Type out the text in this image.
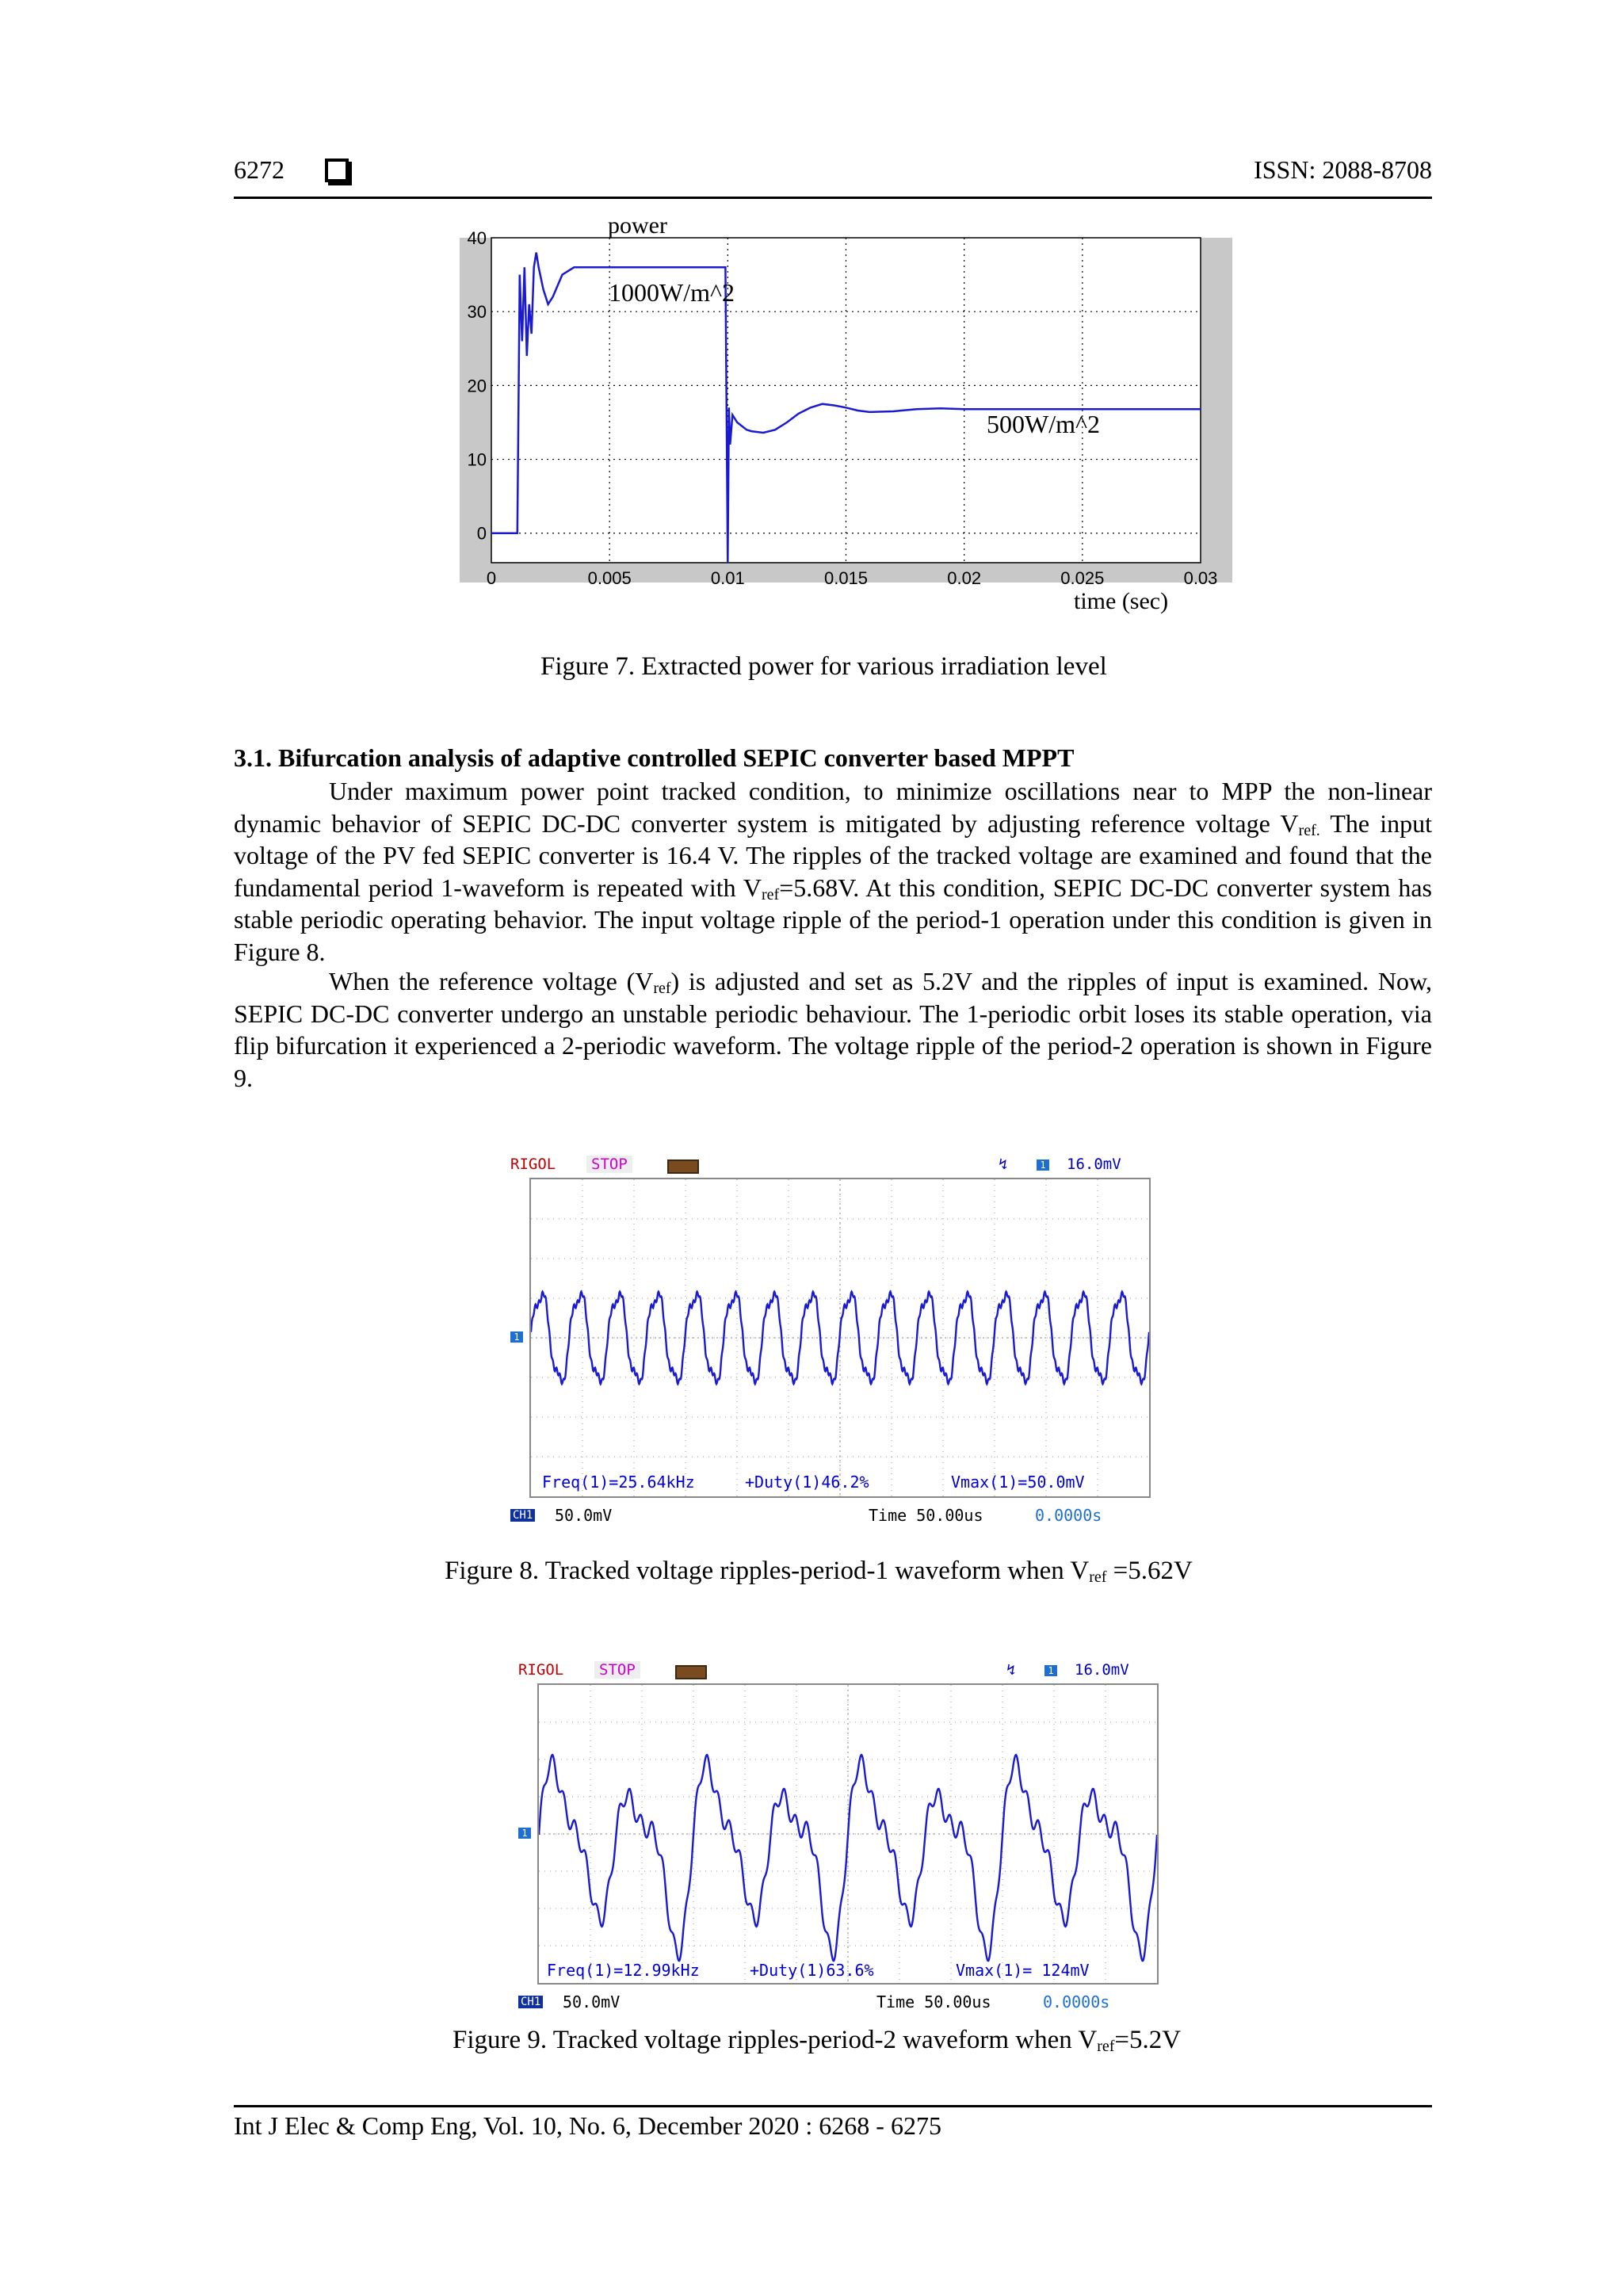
6272	ISSN: 2088-8708
0	0.005	0.01	0.015	0.02	0.025	0.03
0
10
20
30
40	power
1000W/m^2
500W/m^2
time (sec)
Figure 7. Extracted power for various irradiation level
3.1. Bifurcation analysis of adaptive controlled SEPIC converter based MPPT
Under maximum power point tracked condition, to minimize oscillations near to MPP the non-linear dynamic behavior of SEPIC DC-DC converter system is mitigated by adjusting reference voltage $V_{ref.}$ The input voltage of the PV fed SEPIC converter is 16.4 V. The ripples of the tracked voltage are examined and found that the fundamental period 1-waveform is repeated with $V_{ref}=5.68V$. At this condition, SEPIC DC-DC converter system has stable periodic operating behavior. The input voltage ripple of the period-1 operation under this condition is given in Figure 8.
When the reference voltage $(V_{ref})$ is adjusted and set as 5.2V and the ripples of input is examined. Now, SEPIC DC-DC converter undergo an unstable periodic behaviour. The 1-periodic orbit loses its stable operation, via flip bifurcation it experienced a 2-periodic waveform. The voltage ripple of the period-2 operation is shown in Figure 9.
RIGOL	STOP	↯	1 16.0mV
1
Freq(1)=25.64kHz	+Duty(1)46.2%	Vmax(1)=50.0mV
CH1 50.0mV	Time 50.00us	0.0000s
Figure 8. Tracked voltage ripples-period-1 waveform when $V_{ref} =5.62V$
RIGOL	STOP	↯	1 16.0mV
1
Freq(1)=12.99kHz	+Duty(1)63.6%	Vmax(1)= 124mV
CH1 50.0mV	Time 50.00us	0.0000s
Figure 9. Tracked voltage ripples-period-2 waveform when $V_{ref}=5.2V$
Int J Elec & Comp Eng, Vol. 10, No. 6, December 2020 : 6268 - 6275
